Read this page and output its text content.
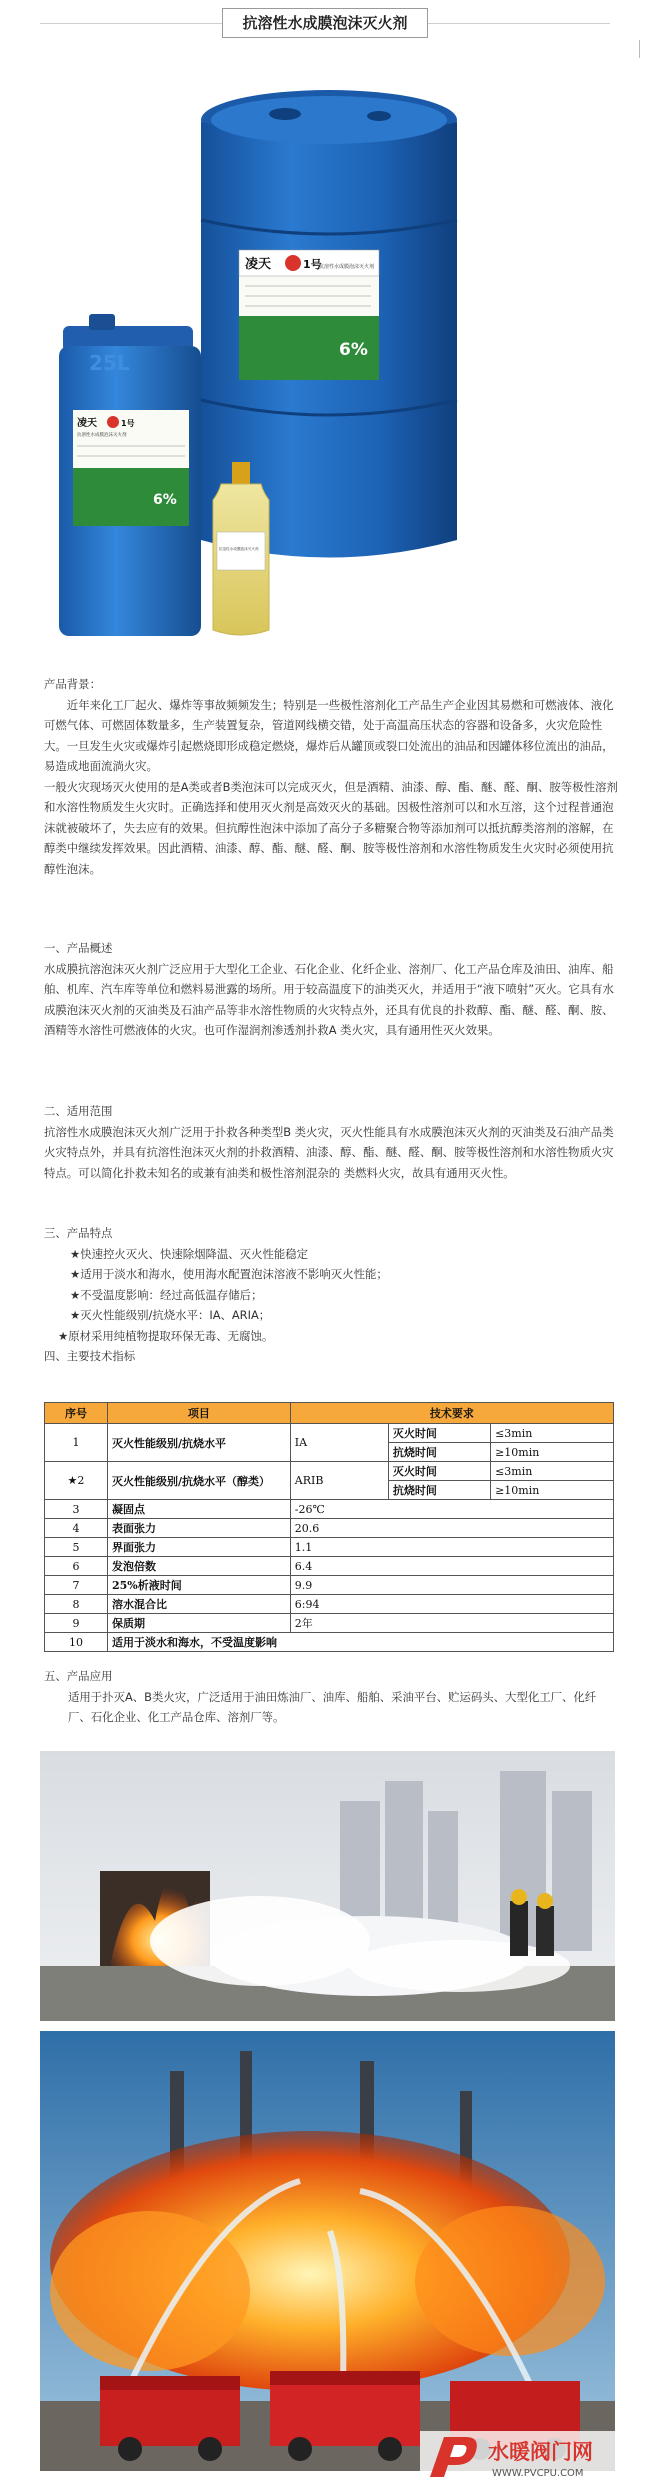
抗溶性水成膜泡沫灭火剂
凌天	1号
抗溶性水成膜泡沫灭火剂
6%
25L
凌天	1号
抗溶性水成膜泡沫灭火剂
6%
抗溶性水成膜泡沫灭火剂

产品背景：

近年来化工厂起火、爆炸等事故频频发生；特别是一些极性溶剂化工产品生产企业因其易燃和可燃液体、液化可燃气体、可燃固体数量多，生产装置复杂，管道网线横交错，处于高温高压状态的容器和设备多，火灾危险性大。一旦发生火灾或爆炸引起燃烧即形成稳定燃烧，爆炸后从罐顶或裂口处流出的油品和因罐体移位流出的油品，易造成地面流淌火灾。

一般火灾现场灭火使用的是A类或者B类泡沫可以完成灭火，但是酒精、油漆、醇、酯、醚、醛、酮、胺等极性溶剂和水溶性物质发生火灾时。正确选择和使用灭火剂是高效灭火的基础。因极性溶剂可以和水互溶，这个过程普通泡沫就被破坏了，失去应有的效果。但抗醇性泡沫中添加了高分子多糖聚合物等添加剂可以抵抗醇类溶剂的溶解，在醇类中继续发挥效果。因此酒精、油漆、醇、酯、醚、醛、酮、胺等极性溶剂和水溶性物质发生火灾时必须使用抗醇性泡沫。

一、产品概述

水成膜抗溶泡沫灭火剂广泛应用于大型化工企业、石化企业、化纤企业、溶剂厂、化工产品仓库及油田、油库、船舶、机库、汽车库等单位和燃料易泄露的场所。用于较高温度下的油类灭火，并适用于“液下喷射”灭火。它具有水成膜泡沫灭火剂的灭油类及石油产品等非水溶性物质的火灾特点外，还具有优良的扑救醇、酯、醚、醛、酮、胺、酒精等水溶性可燃液体的火灾。也可作湿润剂渗透剂扑救A 类火灾，具有通用性灭火效果。

二、适用范围

抗溶性水成膜泡沫灭火剂广泛用于扑救各种类型B 类火灾，灭火性能具有水成膜泡沫灭火剂的灭油类及石油产品类火灾特点外，并具有抗溶性泡沫灭火剂的扑救酒精、油漆、醇、酯、醚、醛、酮、胺等极性溶剂和水溶性物质火灾特点。可以简化扑救未知名的或兼有油类和极性溶剂混杂的 类燃料火灾，故具有通用灭火性。

三、产品特点

★快速控火灭火、快速除烟降温、灭火性能稳定

★适用于淡水和海水，使用海水配置泡沫溶液不影响灭火性能；

★不受温度影响：经过高低温存储后；

★灭火性能级别/抗烧水平：IA、ARIA；

★原材采用纯植物提取环保无毒、无腐蚀。

四、主要技术指标

序号	项目	技术要求		
1	灭火性能级别/抗烧水平	IA	灭火时间	≤3min
			抗烧时间	≥10min
★2	灭火性能级别/抗烧水平（醇类）	ARIB	灭火时间	≤3min
			抗烧时间	≥10min
3	凝固点	-26℃		
4	表面张力	20.6		
5	界面张力	1.1		
6	发泡倍数	6.4		
7	25%析液时间	9.9		
8	溶水混合比	6:94		
9	保质期	2年		
10	适用于淡水和海水，不受温度影响			

五、产品应用

适用于扑灭A、B类火灾，广泛适用于油田炼油厂、油库、船舶、采油平台、贮运码头、大型化工厂、化纤厂、石化企业、化工产品仓库、溶剂厂等。

水暖阀门网
WWW.PVCPU.COM
